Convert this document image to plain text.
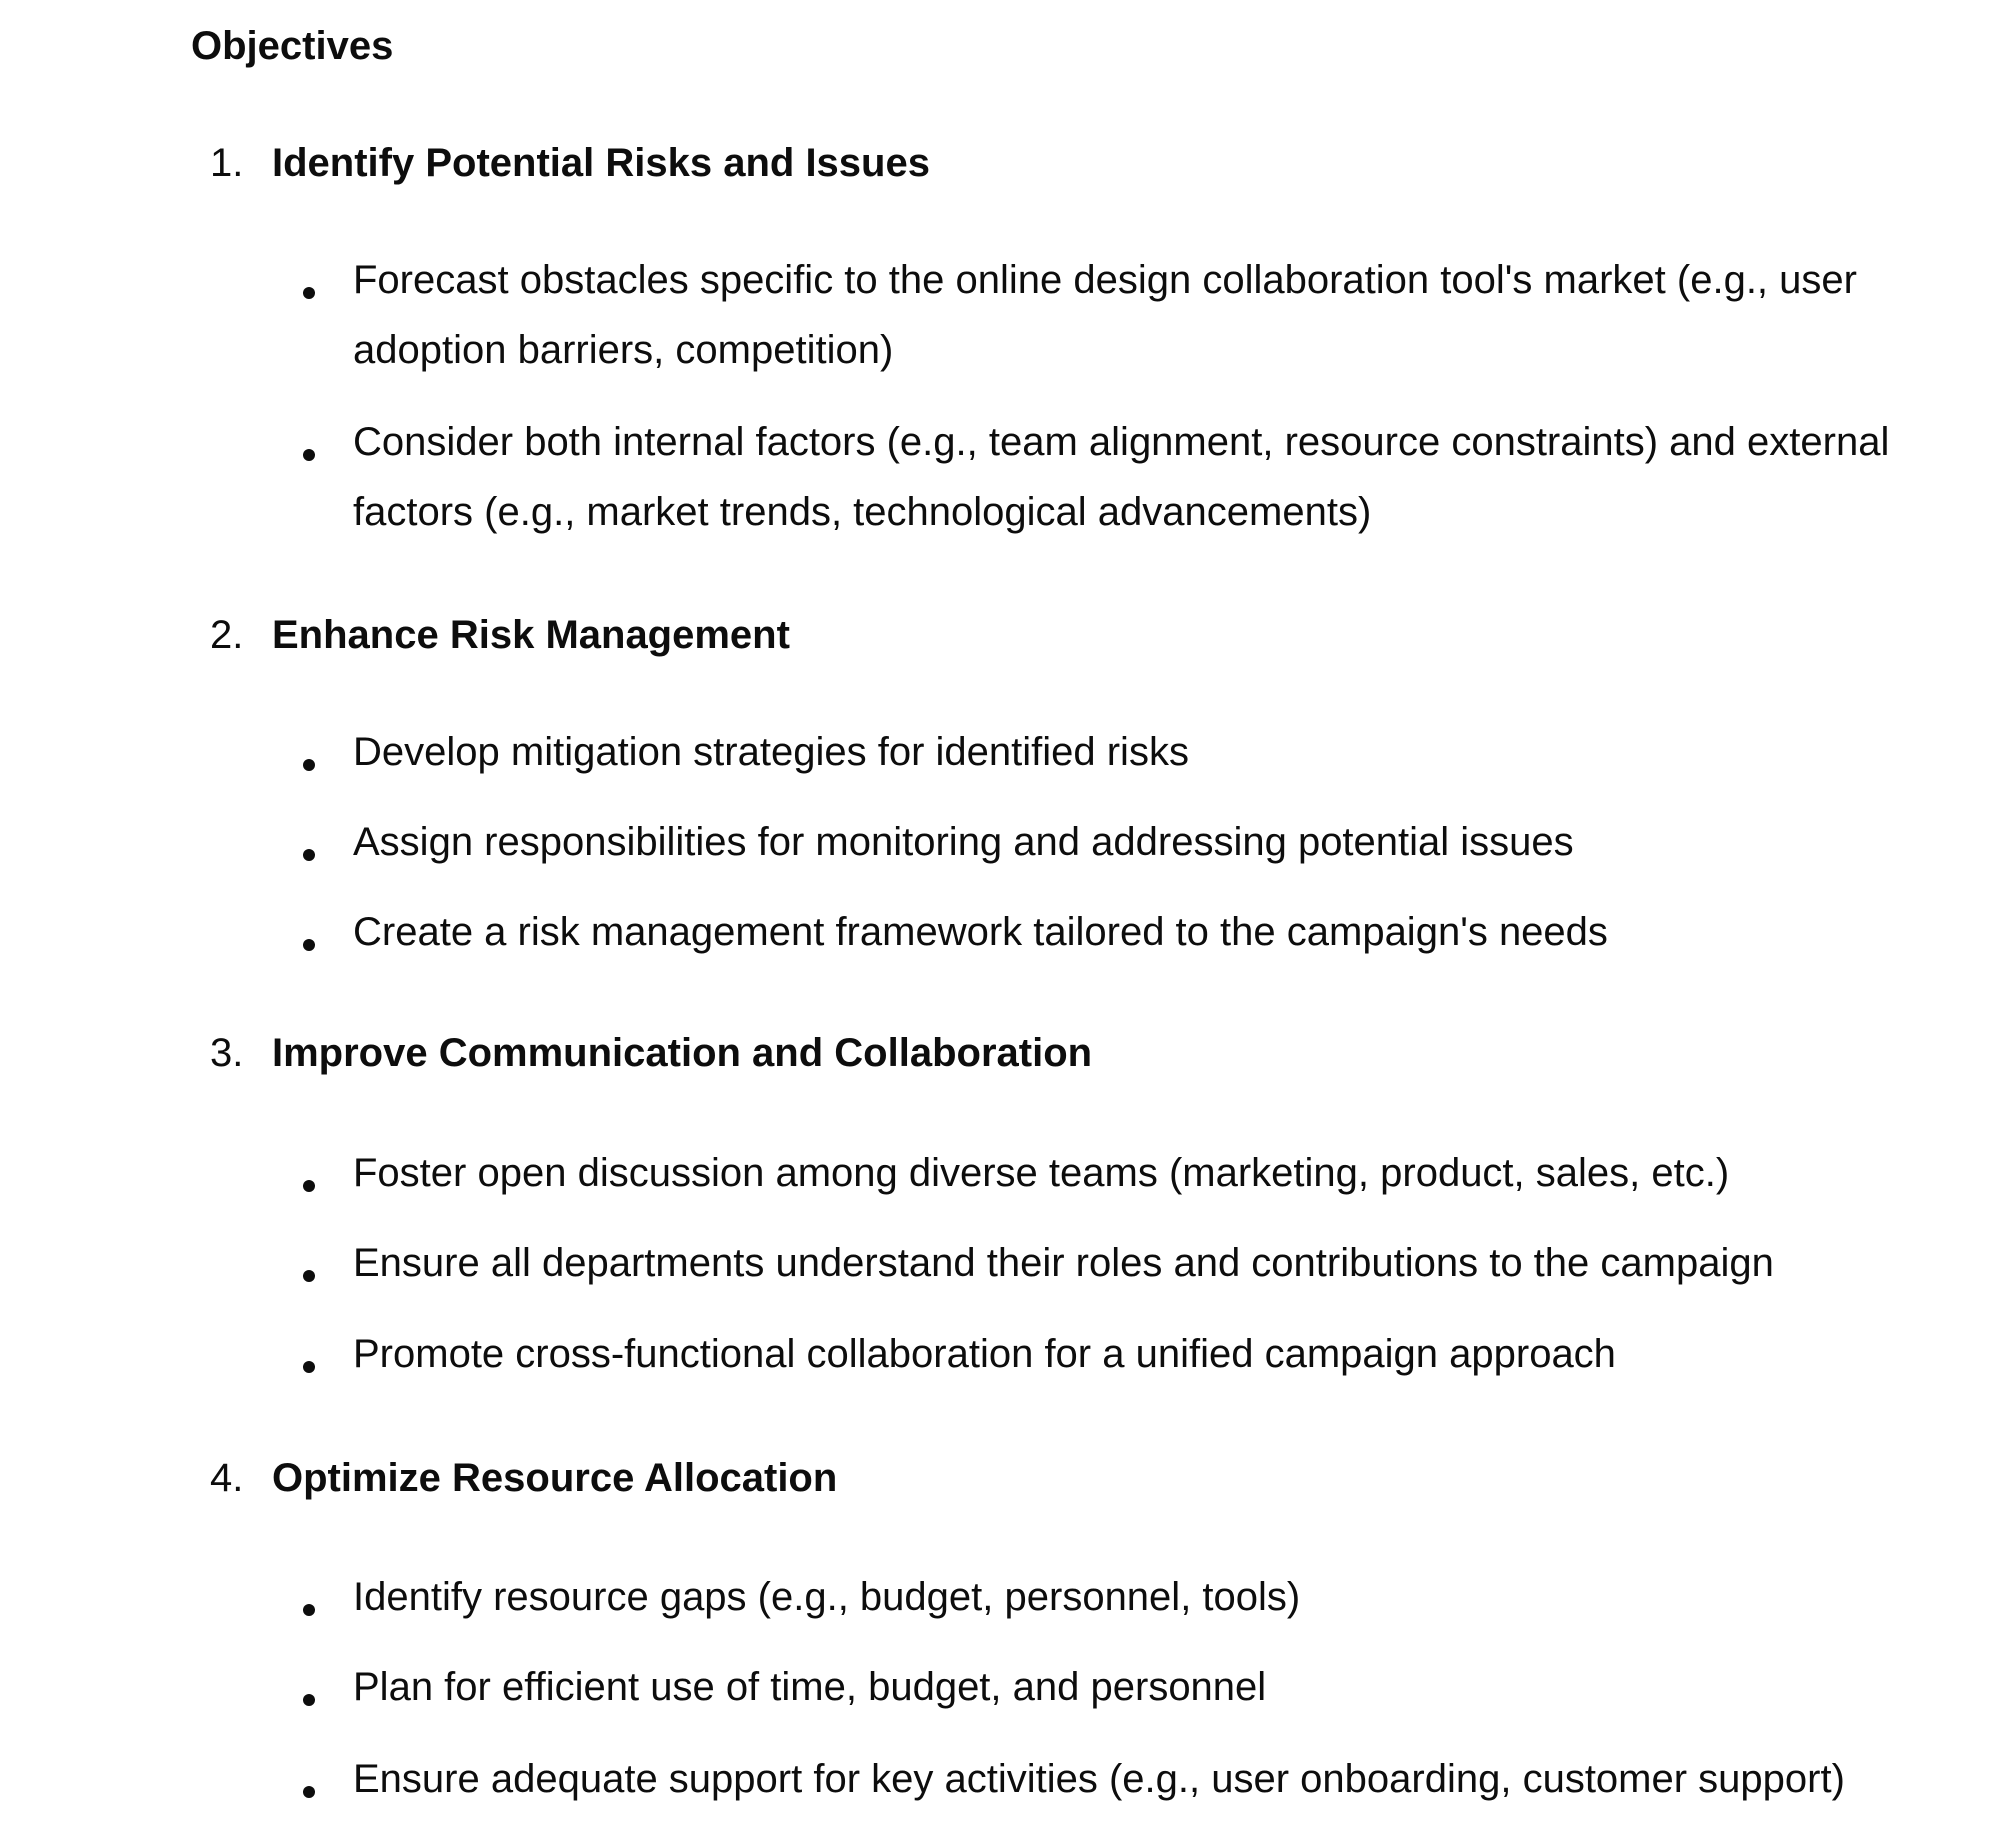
Objectives
1. Identify Potential Risks and Issues
Forecast obstacles specific to the online design collaboration tool's market (e.g., user adoption barriers, competition)
Consider both internal factors (e.g., team alignment, resource constraints) and external factors (e.g., market trends, technological advancements)
2. Enhance Risk Management
Develop mitigation strategies for identified risks
Assign responsibilities for monitoring and addressing potential issues
Create a risk management framework tailored to the campaign's needs
3. Improve Communication and Collaboration
Foster open discussion among diverse teams (marketing, product, sales, etc.)
Ensure all departments understand their roles and contributions to the campaign
Promote cross-functional collaboration for a unified campaign approach
4. Optimize Resource Allocation
Identify resource gaps (e.g., budget, personnel, tools)
Plan for efficient use of time, budget, and personnel
Ensure adequate support for key activities (e.g., user onboarding, customer support)
